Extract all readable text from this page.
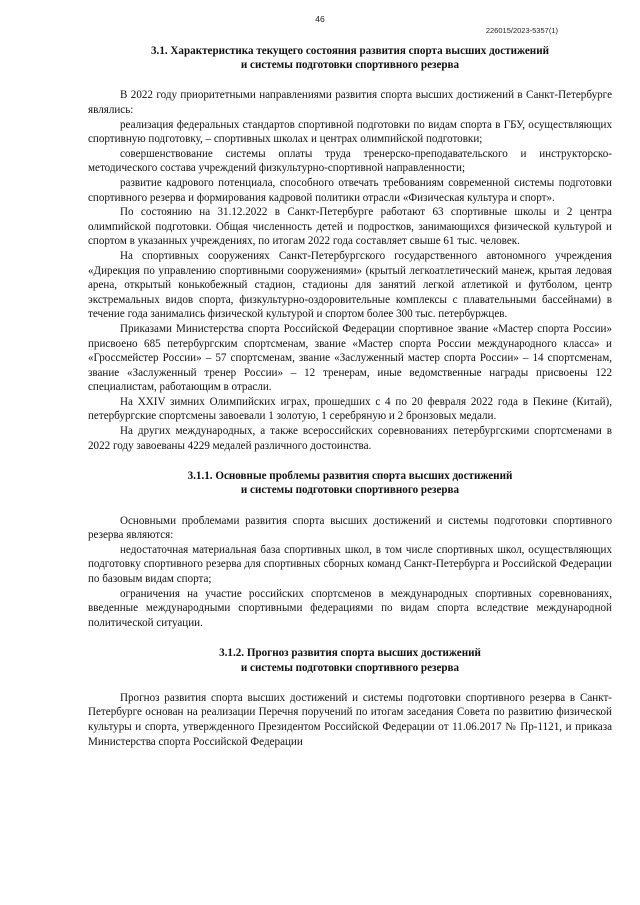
46
226015/2023-5357(1)
3.1. Характеристика текущего состояния развития спорта высших достижений
и системы подготовки спортивного резерва

В 2022 году приоритетными направлениями развития спорта высших достижений в Санкт-Петербурге являлись:

реализация федеральных стандартов спортивной подготовки по видам спорта в ГБУ, осуществляющих спортивную подготовку, – спортивных школах и центрах олимпийской подготовки;

совершенствование системы оплаты труда тренерско-преподавательского и инструкторско-методического состава учреждений физкультурно-спортивной направленности;

развитие кадрового потенциала, способного отвечать требованиям современной системы подготовки спортивного резерва и формирования кадровой политики отрасли «Физическая культура и спорт».

По состоянию на 31.12.2022 в Санкт-Петербурге работают 63 спортивные школы и 2 центра олимпийской подготовки. Общая численность детей и подростков, занимающихся физической культурой и спортом в указанных учреждениях, по итогам 2022 года составляет свыше 61 тыс. человек.

На спортивных сооружениях Санкт-Петербургского государственного автономного учреждения «Дирекция по управлению спортивными сооружениями» (крытый легкоатлетический манеж, крытая ледовая арена, открытый конькобежный стадион, стадионы для занятий легкой атлетикой и футболом, центр экстремальных видов спорта, физкультурно-оздоровительные комплексы с плавательными бассейнами) в течение года занимались физической культурой и спортом более 300 тыс. петербуржцев.

Приказами Министерства спорта Российской Федерации спортивное звание «Мастер спорта России» присвоено 685 петербургским спортсменам, звание «Мастер спорта России международного класса» и «Гроссмейстер России» – 57 спортсменам, звание «Заслуженный мастер спорта России» – 14 спортсменам, звание «Заслуженный тренер России» – 12 тренерам, иные ведомственные награды присвоены 122 специалистам, работающим в отрасли.

На XXIV зимних Олимпийских играх, прошедших с 4 по 20 февраля 2022 года в Пекине (Китай), петербургские спортсмены завоевали 1 золотую, 1 серебряную и 2 бронзовых медали.

На других международных, а также всероссийских соревнованиях петербургскими спортсменами в 2022 году завоеваны 4229 медалей различного достоинства.

3.1.1. Основные проблемы развития спорта высших достижений
и системы подготовки спортивного резерва

Основными проблемами развития спорта высших достижений и системы подготовки спортивного резерва являются:

недостаточная материальная база спортивных школ, в том числе спортивных школ, осуществляющих подготовку спортивного резерва для спортивных сборных команд Санкт-Петербурга и Российской Федерации по базовым видам спорта;

ограничения на участие российских спортсменов в международных спортивных соревнованиях, введенные международными спортивными федерациями по видам спорта вследствие международной политической ситуации.

3.1.2. Прогноз развития спорта высших достижений
и системы подготовки спортивного резерва

Прогноз развития спорта высших достижений и системы подготовки спортивного резерва в Санкт-Петербурге основан на реализации Перечня поручений по итогам заседания Совета по развитию физической культуры и спорта, утвержденного Президентом Российской Федерации от 11.06.2017 № Пр-1121, и приказа Министерства спорта Российской Федерации
